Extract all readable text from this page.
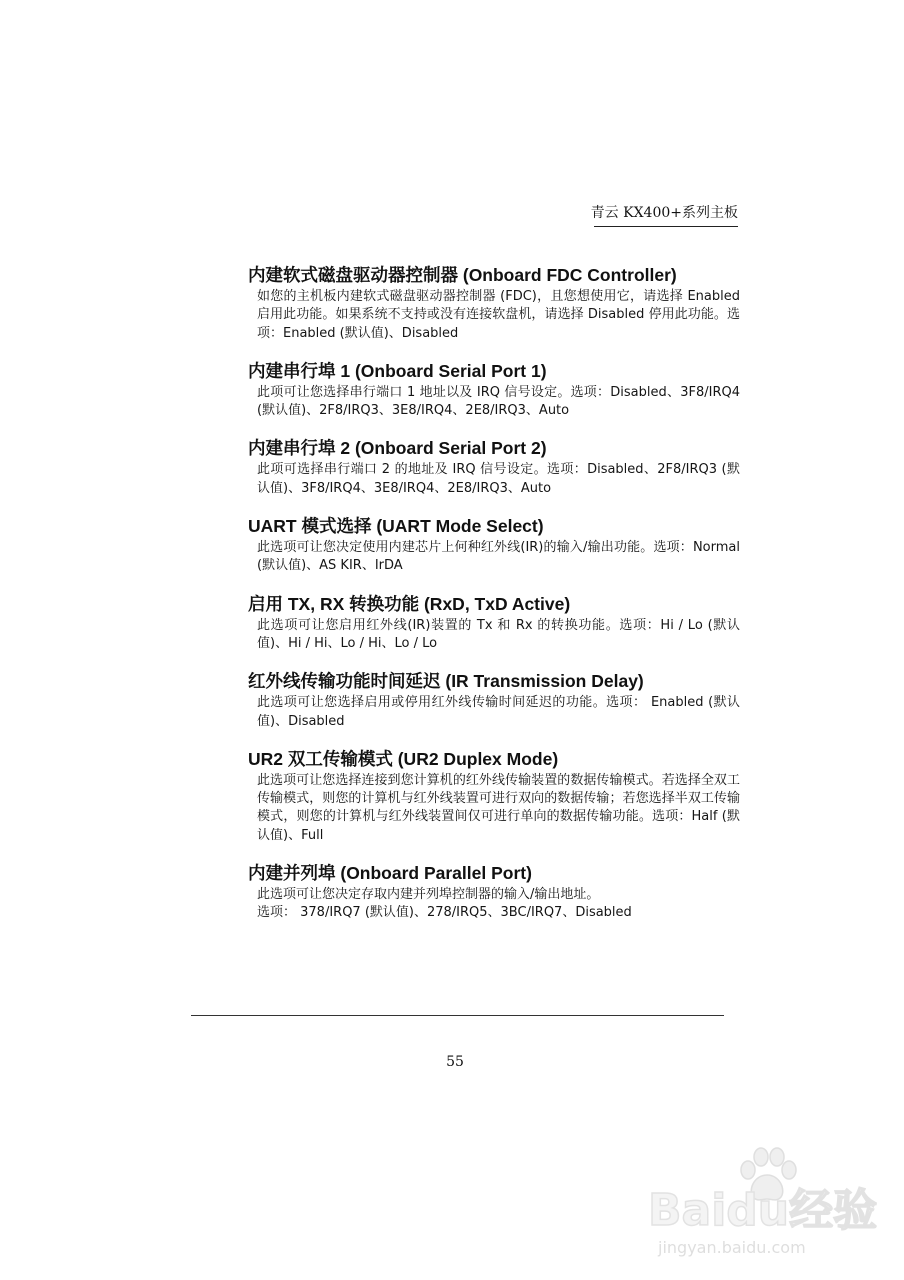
青云 KX400+系列主板

内建软式磁盘驱动器控制器 (Onboard FDC Controller)

如您的主机板内建软式磁盘驱动器控制器 (FDC)，且您想使用它，请选择 Enabled 启用此功能。如果系统不支持或没有连接软盘机，请选择 Disabled 停用此功能。选项：Enabled (默认值)、Disabled

内建串行埠 1 (Onboard Serial Port 1)

此项可让您选择串行端口 1 地址以及 IRQ 信号设定。选项：Disabled、3F8/IRQ4 (默认值)、2F8/IRQ3、3E8/IRQ4、2E8/IRQ3、Auto

内建串行埠 2 (Onboard Serial Port 2)

此项可选择串行端口 2 的地址及 IRQ 信号设定。选项：Disabled、2F8/IRQ3 (默认值)、3F8/IRQ4、3E8/IRQ4、2E8/IRQ3、Auto

UART 模式选择 (UART Mode Select)

此选项可让您决定使用内建芯片上何种红外线(IR)的输入/输出功能。选项：Normal (默认值)、AS KIR、IrDA

启用 TX, RX 转换功能 (RxD, TxD Active)

此选项可让您启用红外线(IR)装置的 Tx 和 Rx 的转换功能。选项：Hi / Lo (默认值)、Hi / Hi、Lo / Hi、Lo / Lo

红外线传输功能时间延迟 (IR Transmission Delay)

此选项可让您选择启用或停用红外线传输时间延迟的功能。选项： Enabled (默认值)、Disabled

UR2 双工传输模式 (UR2 Duplex Mode)

此选项可让您选择连接到您计算机的红外线传输装置的数据传输模式。若选择全双工传输模式，则您的计算机与红外线装置可进行双向的数据传输；若您选择半双工传输模式，则您的计算机与红外线装置间仅可进行单向的数据传输功能。选项：Half (默认值)、Full

内建并列埠 (Onboard Parallel Port)

此选项可让您决定存取内建并列埠控制器的输入/输出地址。
选项： 378/IRQ7 (默认值)、278/IRQ5、3BC/IRQ7、Disabled
55
Baidu经验
jingyan.baidu.com
